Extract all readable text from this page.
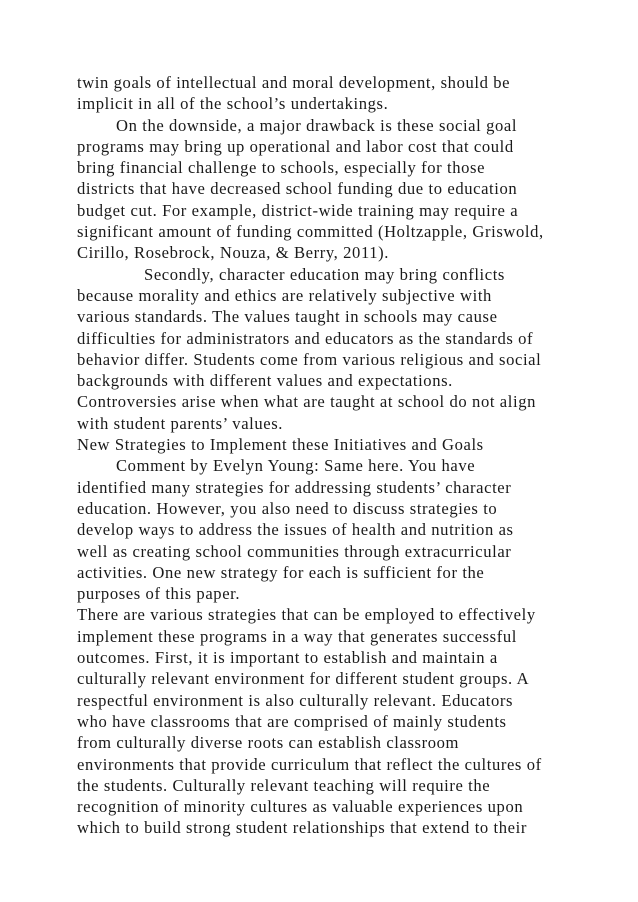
twin goals of intellectual and moral development, should be
implicit in all of the school’s undertakings.
On the downside, a major drawback is these social goal
programs may bring up operational and labor cost that could
bring financial challenge to schools, especially for those
districts that have decreased school funding due to education
budget cut. For example, district-wide training may require a
significant amount of funding committed (Holtzapple, Griswold,
Cirillo, Rosebrock, Nouza, & Berry, 2011).
Secondly, character education may bring conflicts
because morality and ethics are relatively subjective with
various standards. The values taught in schools may cause
difficulties for administrators and educators as the standards of
behavior differ. Students come from various religious and social
backgrounds with different values and expectations.
Controversies arise when what are taught at school do not align
with student parents’ values.
New Strategies to Implement these Initiatives and Goals
Comment by Evelyn Young: Same here. You have
identified many strategies for addressing students’ character
education. However, you also need to discuss strategies to
develop ways to address the issues of health and nutrition as
well as creating school communities through extracurricular
activities. One new strategy for each is sufficient for the
purposes of this paper.
There are various strategies that can be employed to effectively
implement these programs in a way that generates successful
outcomes. First, it is important to establish and maintain a
culturally relevant environment for different student groups. A
respectful environment is also culturally relevant. Educators
who have classrooms that are comprised of mainly students
from culturally diverse roots can establish classroom
environments that provide curriculum that reflect the cultures of
the students. Culturally relevant teaching will require the
recognition of minority cultures as valuable experiences upon
which to build strong student relationships that extend to their
